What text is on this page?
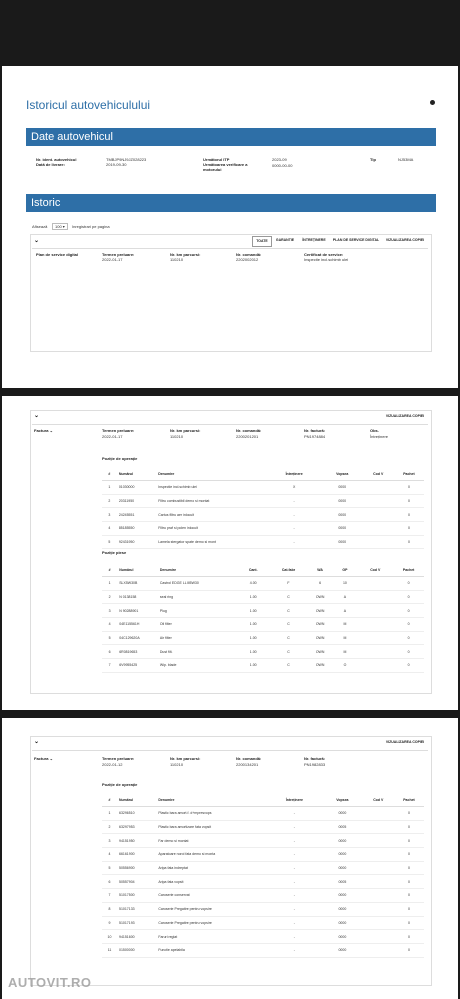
Istoricul autovehiculului
Date autovehicul
Nr. ident. autovehicul	TMBJP9NJ9JZ028223
Dată de livrare:	2019-09-30
Următorul ITP	2023-09
Următoarea verificare a motorului
0000-00-00
Tip	NJ53MA
Istoric
Afisează	100 ▾	înregistrari pe pagina
⌄	TOATE	GARANTIE	ÎNTREȚINERE	PLAN DE SERVICE DIGITAL	VIZUALIZAREA COPIEI
Plan de service digital	Termen preluare:
2022-01-17
Nr. km parcursi:
110210
Nr. comandă:
2202002012
Certificat de service:
Inspectie incl.schimb ulei
⌄	VIZUALIZAREA COPIEI
Factura ⌄	Termen preluare:
2022-01-17
Nr. km parcursi:
110210
Nr. comandă:
2200201201
Nr. factură:
PN1974884
Obs.
Întreținere
Poziție de operație
#	Numărul	Denumire	Întreținere	Vopsea	Cod V	Pachet
1	01030000	Inspectie incl.schimb ulei	X	0000		0
2	20311950	Filtru combustibil demo si montat	-	0000		0
3	24245551	Cartus filtru aer inlocuit	-	0000		0
4	85185550	Filtru praf si polen inlocuit	-	0000		0
5	92431950	Lamela stergator spate demo si mont	-	0000		0
Poziție piese
#	Numărul	Denumire	Cant.	Cat.fabr	WA	GP	Cod V	Pachet
1	SLX5W30B	Castrol EDGE LLIII5W30	4.00	F	6	10		0
2	N 0138158	seal ring	1.00	C	OWN	A		0
3	N 90288901	Plug	1.00	C	OWN	A		0
4	04E115561H	Oil filter	1.00	C	OWN	M		0
5	04C129620A	Air filter	1.00	C	OWN	M		0
6	6R0819653	Dust filt.	1.00	C	OWN	M		0
7	6V9955425	Wip. blade	1.00	C	OWN	O		0
⌄	VIZUALIZAREA COPIEI
Factura ⌄	Termen preluare:
2022-01-12
Nr. km parcursi:
110210
Nr. comandă:
2200134201
Nr. factură:
PN1982833
Poziție de operație
#	Numărul	Denumire	Întreținere	Vopsea	Cod V	Pachet
1	63296510	Plastic bara amort.f. d+mpresvops	-	0000		0
2	63297953	Plastic bara amortizare fata vopsit	-	0005		0
3	94151950	Far demo si montat	-	0000		0
4	66161900	Aparatoare noroi fata demo si monta	-	0000		0
5	50556900	Aripa fata indreptat	-	0000		0
6	50557904	Aripa fata vopsit	-	0005		0
7	51017500	Caroserie conservat	-	0000		0
8	51017133	Caroserie Pregatire pentru vopsire	-	0000		0
9	51017193	Caroserie Pregatire pentru vopsire	-	0000		0
10	94151600	Faruri reglat	-	0000		0
11	01500000	Functie apelabila	-	0000		0
AUTOVIT.RO
